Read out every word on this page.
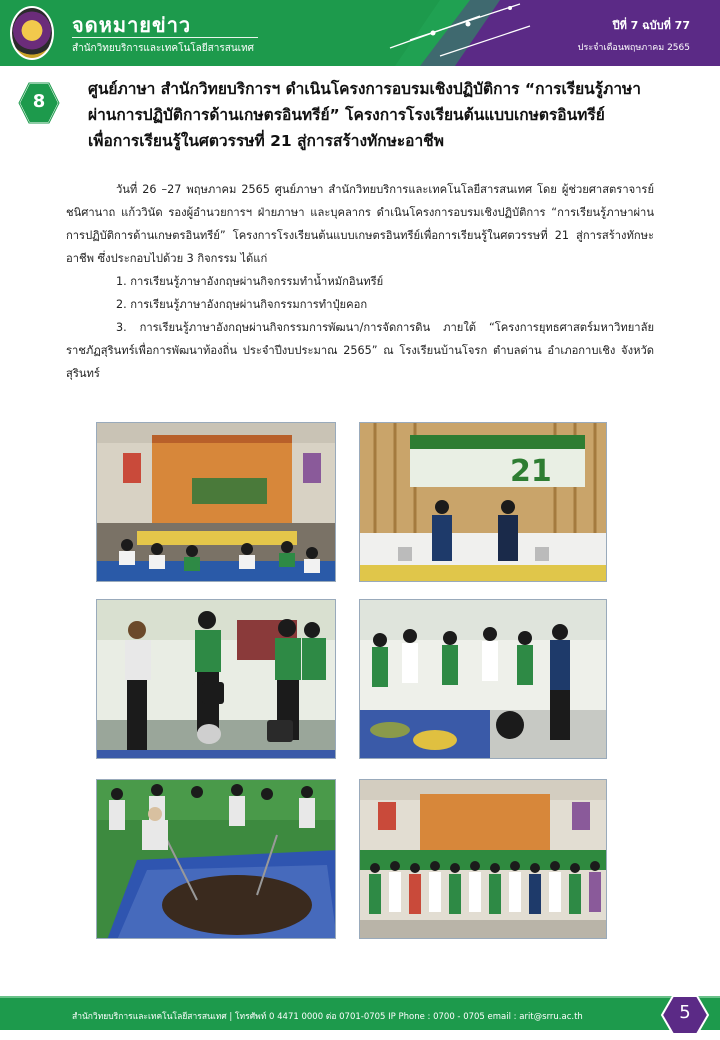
จดหมายข่าว
สำนักวิทยบริการและเทคโนโลยีสารสนเทศ
ปีที่ 7 ฉบับที่ 77
ประจำเดือนพฤษภาคม 2565
8
ศูนย์ภาษา สำนักวิทยบริการฯ ดำเนินโครงการอบรมเชิงปฏิบัติการ “การเรียนรู้ภาษา
ผ่านการปฏิบัติการด้านเกษตรอินทรีย์” โครงการโรงเรียนต้นแบบเกษตรอินทรีย์
เพื่อการเรียนรู้ในศตวรรษที่ 21 สู่การสร้างทักษะอาชีพ

วันที่ 26 –27 พฤษภาคม 2565 ศูนย์ภาษา สำนักวิทยบริการและเทคโนโลยีสารสนเทศ โดย ผู้ช่วยศาสตราจารย์ชนิศานาถ แก้ววินัด รองผู้อำนวยการฯ ฝ่ายภาษา และบุคลากร ดำเนินโครงการอบรมเชิงปฏิบัติการ “การเรียนรู้ภาษาผ่านการปฏิบัติการด้านเกษตรอินทรีย์” โครงการโรงเรียนต้นแบบเกษตรอินทรีย์เพื่อการเรียนรู้ในศตวรรษที่ 21 สู่การสร้างทักษะอาชีพ ซึ่งประกอบไปด้วย 3 กิจกรรม ได้แก่

1. การเรียนรู้ภาษาอังกฤษผ่านกิจกรรมทำน้ำหมักอินทรีย์

2. การเรียนรู้ภาษาอังกฤษผ่านกิจกรรมการทำปุ๋ยคอก

3. การเรียนรู้ภาษาอังกฤษผ่านกิจกรรมการพัฒนา/การจัดการดิน ภายใต้ “โครงการยุทธศาสตร์มหาวิทยาลัยราชภัฏสุรินทร์เพื่อการพัฒนาท้องถิ่น ประจำปีงบประมาณ 2565” ณ โรงเรียนบ้านโจรก ตำบลด่าน อำเภอกาบเชิง จังหวัดสุรินทร์

21
สำนักวิทยบริการและเทคโนโลยีสารสนเทศ | โทรศัพท์ 0 4471 0000 ต่อ 0701-0705 IP Phone : 0700 - 0705 email : arit@srru.ac.th	5
